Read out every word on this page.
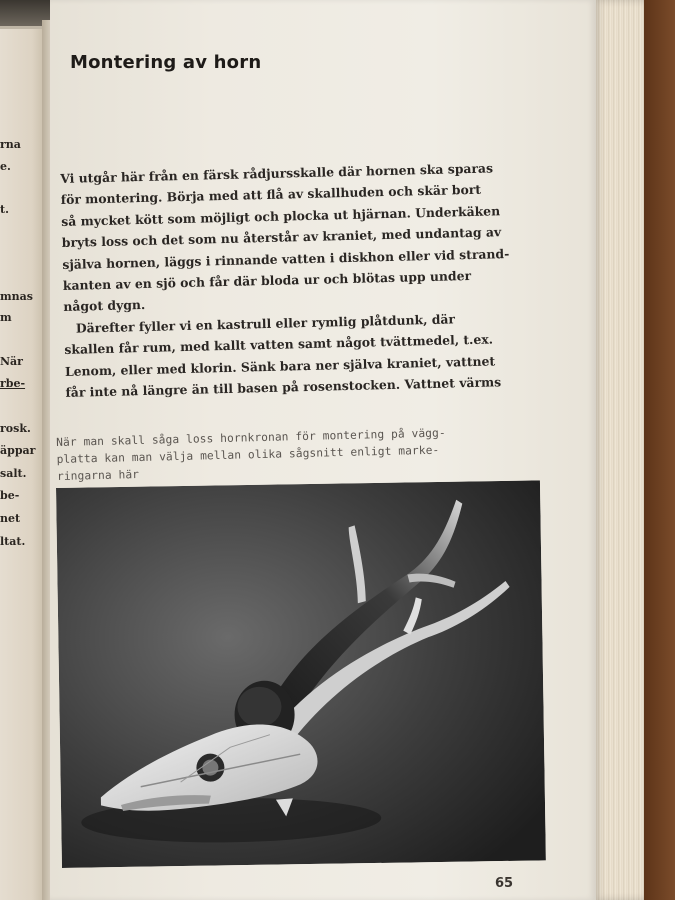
rna
e.
t.
mnas
m
När
rbe-
rosk.
äppar
salt.
be-
net
ltat.
Montering av horn
Vi utgår här från en färsk rådjursskalle där hornen ska sparas
för montering. Börja med att flå av skallhuden och skär bort
så mycket kött som möjligt och plocka ut hjärnan. Underkäken
bryts loss och det som nu återstår av kraniet, med undantag av
själva hornen, läggs i rinnande vatten i diskhon eller vid strand-
kanten av en sjö och får där bloda ur och blötas upp under
något dygn.
Därefter fyller vi en kastrull eller rymlig plåtdunk, där
skallen får rum, med kallt vatten samt något tvättmedel, t.ex.
Lenom, eller med klorin. Sänk bara ner själva kraniet, vattnet
får inte nå längre än till basen på rosenstocken. Vattnet värms
När man skall såga loss hornkronan för montering på vägg-
platta kan man välja mellan olika sågsnitt enligt marke-
ringarna här

65
